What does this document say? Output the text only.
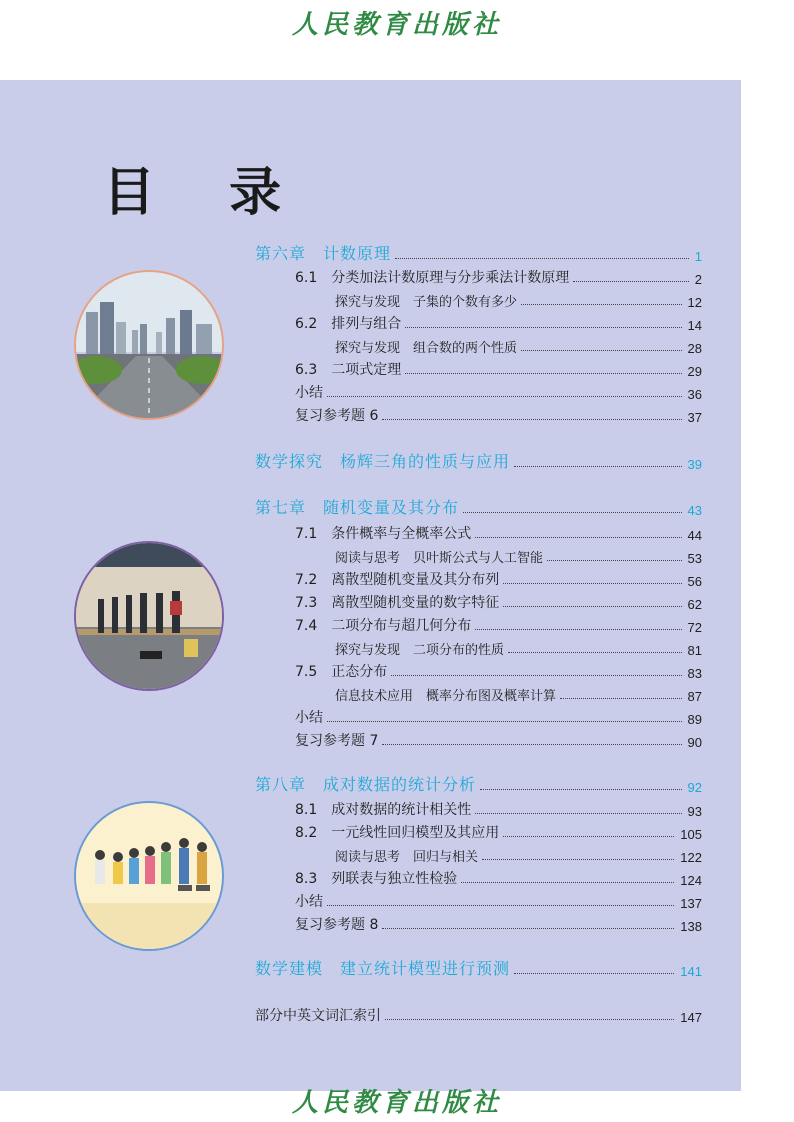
人民教育出版社
目 录
第六章　计数原理	1
6.1　分类加法计数原理与分步乘法计数原理	2
探究与发现　子集的个数有多少	12
6.2　排列与组合	14
探究与发现　组合数的两个性质	28
6.3　二项式定理	29
小结	36
复习参考题 6	37
数学探究　杨辉三角的性质与应用	39
第七章　随机变量及其分布	43
7.1　条件概率与全概率公式	44
阅读与思考　贝叶斯公式与人工智能	53
7.2　离散型随机变量及其分布列	56
7.3　离散型随机变量的数字特征	62
7.4　二项分布与超几何分布	72
探究与发现　二项分布的性质	81
7.5　正态分布	83
信息技术应用　概率分布图及概率计算	87
小结	89
复习参考题 7	90
第八章　成对数据的统计分析	92
8.1　成对数据的统计相关性	93
8.2　一元线性回归模型及其应用	105
阅读与思考　回归与相关	122
8.3　列联表与独立性检验	124
小结	137
复习参考题 8	138
数学建模　建立统计模型进行预测	141
部分中英文词汇索引	147
人民教育出版社
